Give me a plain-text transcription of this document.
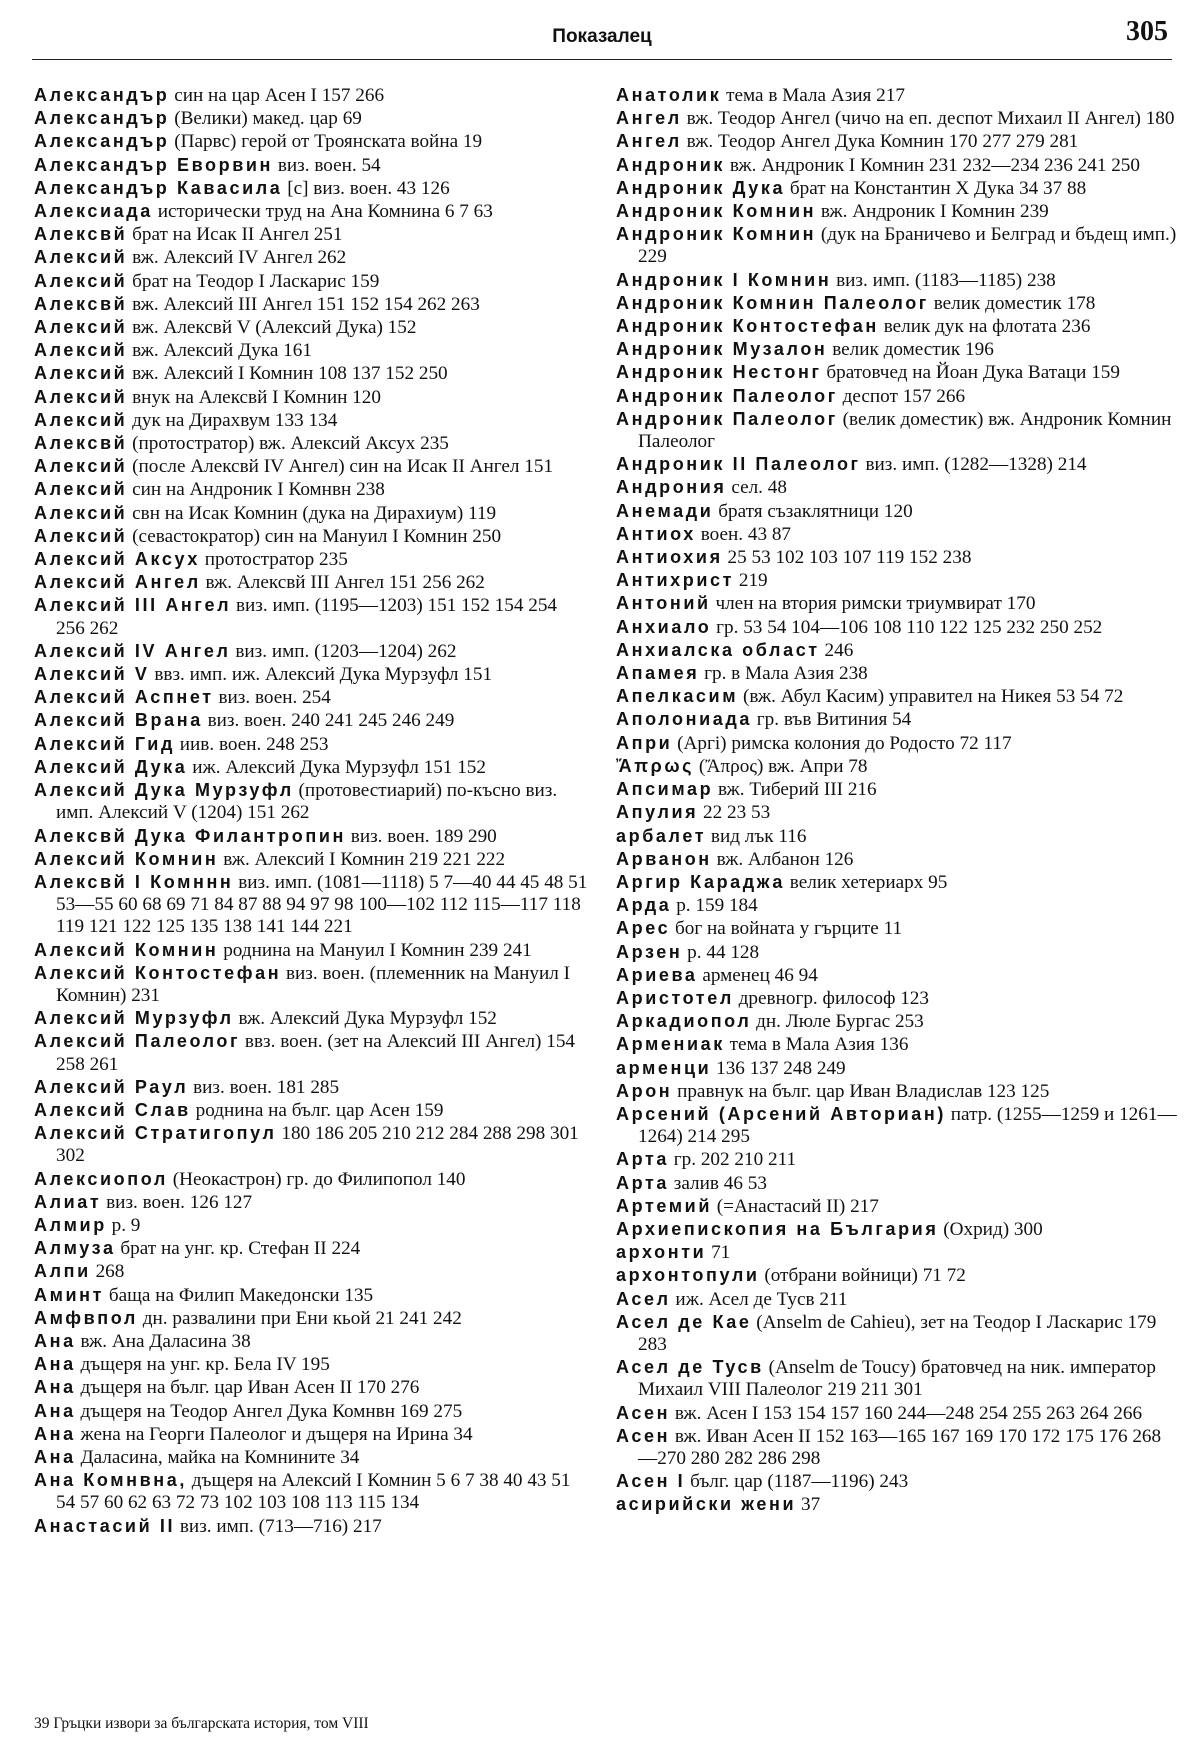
Показалец	305
Александър син на цар Асен I 157 266
Александър (Велики) макед. цар 69
Александър (Парвс) герой от Троянската война 19
Александър Еворвин виз. воен. 54
Александър Кавасила [с] виз. воен. 43 126
Алексиада исторически труд на Ана Комнина 6 7 63
Алексвй брат на Исак II Ангел 251
Алексий вж. Алексий IV Ангел 262
Алексий брат на Теодор I Ласкарис 159
Алексвй вж. Алексий III Ангел 151 152 154 262 263
Алексий вж. Алексвй V (Алексий Дука) 152
Алексий вж. Алексий Дука 161
Алексий вж. Алексий I Комнин 108 137 152 250
Алексий внук на Алексвй I Комнин 120
Алексий дук на Дирахвум 133 134
Алексвй (протостратор) вж. Алексий Аксух 235
Алексий (после Алексвй IV Ангел) син на Исак II Ангел 151
Алексий син на Андроник I Комнвн 238
Алексий свн на Исак Комнин (дука на Дирахиум) 119
Алексий (севастократор) син на Мануил I Комнин 250
Алексий Аксух протостратор 235
Алексий Ангел вж. Алексвй III Ангел 151 256 262
Алексий III Ангел виз. имп. (1195—1203) 151 152 154 254 256 262
Алексий IV Ангел виз. имп. (1203—1204) 262
Алексий V ввз. имп. иж. Алексий Дука Мурзуфл 151
Алексий Аспнет виз. воен. 254
Алексий Врана виз. воен. 240 241 245 246 249
Алексий Гид иив. воен. 248 253
Алексий Дука иж. Алексий Дука Мурзуфл 151 152
Алексий Дука Мурзуфл (протовестиарий) по-късно виз. имп. Алексий V (1204) 151 262
Алексвй Дука Филантропин виз. воен. 189 290
Алексий Комнин вж. Алексий I Комнин 219 221 222
Алексвй I Комннн виз. имп. (1081—1118) 5 7—40 44 45 48 51 53—55 60 68 69 71 84 87 88 94 97 98 100—102 112 115—117 118 119 121 122 125 135 138 141 144 221
Алексий Комнин роднина на Мануил I Комнин 239 241
Алексий Контостефан виз. воен. (племенник на Мануил I Комнин) 231
Алексий Мурзуфл вж. Алексий Дука Мурзуфл 152
Алексий Палеолог ввз. воен. (зет на Алексий III Ангел) 154 258 261
Алексий Раул виз. воен. 181 285
Алексий Слав роднина на бълг. цар Асен 159
Алексий Стратигопул 180 186 205 210 212 284 288 298 301 302
Алексиопол (Неокастрон) гр. до Филипопол 140
Алиат виз. воен. 126 127
Алмир р. 9
Алмуза брат на унг. кр. Стефан II 224
Алпи 268
Аминт баща на Филип Македонски 135
Амфвпол дн. развалини при Ени кьой 21 241 242
Ана вж. Ана Даласина 38
Ана дъщеря на унг. кр. Бела IV 195
Ана дъщеря на бълг. цар Иван Асен II 170 276
Ана дъщеря на Теодор Ангел Дука Комнвн 169 275
Ана жена на Георги Палеолог и дъщеря на Ирина 34
Ана Даласина, майка на Комнините 34
Ана Комнвна, дъщеря на Алексий I Комнин 5 6 7 38 40 43 51 54 57 60 62 63 72 73 102 103 108 113 115 134
Анастасий II виз. имп. (713—716) 217
Анатолик тема в Мала Азия 217
Ангел вж. Теодор Ангел (чичо на еп. деспот Михаил II Ангел) 180
Ангел вж. Теодор Ангел Дука Комнин 170 277 279 281
Андроник вж. Андроник I Комнин 231 232—234 236 241 250
Андроник Дука брат на Константин X Дука 34 37 88
Андроник Комнин вж. Андроник I Комнин 239
Андроник Комнин (дук на Браничево и Белград и бъдещ имп.) 229
Андроник I Комнин виз. имп. (1183—1185) 238
Андроник Комнин Палеолог велик доместик 178
Андроник Контостефан велик дук на флотата 236
Андроник Музалон велик доместик 196
Андроник Нестонг братовчед на Йоан Дука Ватаци 159
Андроник Палеолог деспот 157 266
Андроник Палеолог (велик доместик) вж. Андроник Комнин Палеолог
Андроник II Палеолог виз. имп. (1282—1328) 214
Андрония сел. 48
Анемади братя съзаклятници 120
Антиох воен. 43 87
Антиохия 25 53 102 103 107 119 152 238
Антихрист 219
Антоний член на втория римски триумвират 170
Анхиало гр. 53 54 104—106 108 110 122 125 232 250 252
Анхиалска област 246
Апамея гр. в Мала Азия 238
Апелкасим (вж. Абул Касим) управител на Никея 53 54 72
Аполониада гр. във Витиния 54
Апри (Аргі) римска колония до Родосто 72 117
Ἄπρως (Ἄπρος) вж. Апри 78
Апсимар вж. Тиберий III 216
Апулия 22 23 53
арбалет вид лък 116
Арванон вж. Албанон 126
Аргир Караджа велик хетериарх 95
Арда р. 159 184
Арес бог на войната у гърците 11
Арзен р. 44 128
Ариева арменец 46 94
Аристотел древногр. философ 123
Аркадиопол дн. Люле Бургас 253
Армениак тема в Мала Азия 136
арменци 136 137 248 249
Арон правнук на бълг. цар Иван Владислав 123 125
Арсений (Арсений Авториан) патр. (1255—1259 и 1261—1264) 214 295
Арта гр. 202 210 211
Арта залив 46 53
Артемий (=Анастасий II) 217
Архиепископия на България (Охрид) 300
архонти 71
архонтопули (отбрани войници) 71 72
Асел иж. Асел де Тусв 211
Асел де Кае (Anselm de Cahieu), зет на Теодор I Ласкарис 179 283
Асел де Тусв (Anselm de Toucy) братовчед на ник. император Михаил VIII Палеолог 219 211 301
Асен вж. Асен I 153 154 157 160 244—248 254 255 263 264 266
Асен вж. Иван Асен II 152 163—165 167 169 170 172 175 176 268—270 280 282 286 298
Асен I бълг. цар (1187—1196) 243
асирийски жени 37
39 Гръцки извори за българската история, том VIII
